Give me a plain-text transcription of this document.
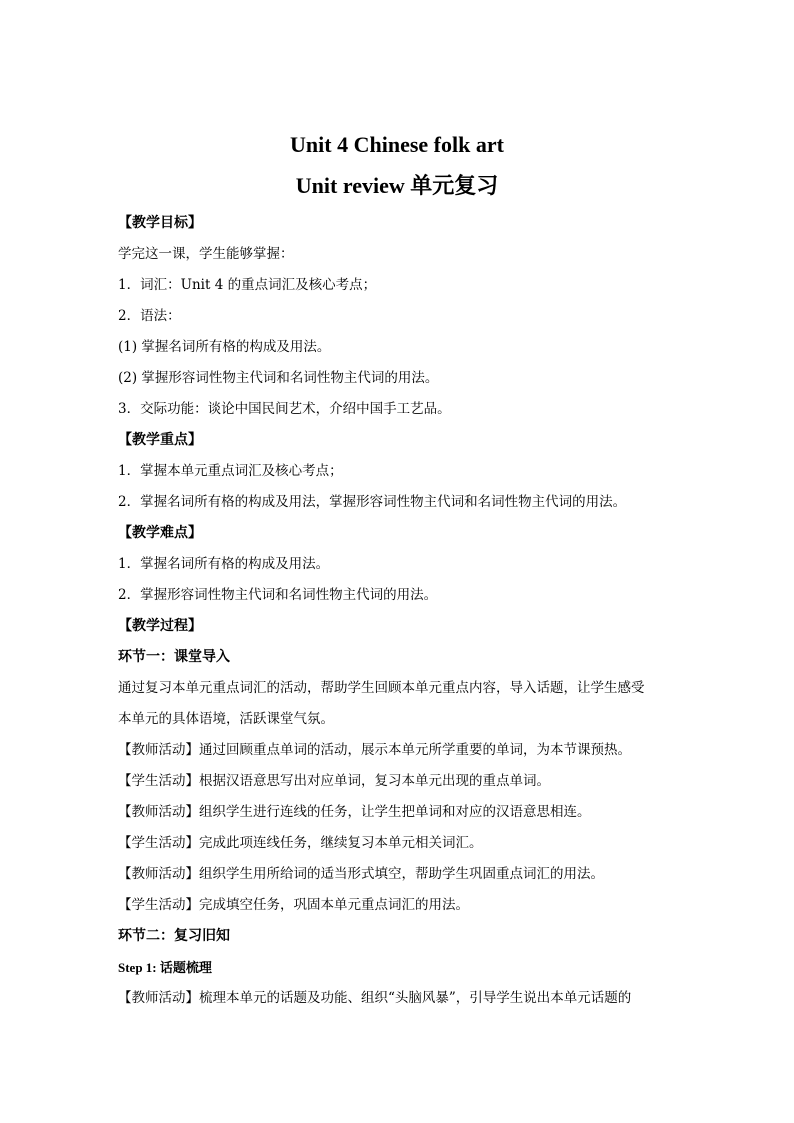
Unit 4 Chinese folk art
Unit review 单元复习
【教学目标】
学完这一课，学生能够掌握：
1．词汇：Unit 4 的重点词汇及核心考点；
2．语法：
(1) 掌握名词所有格的构成及用法。
(2) 掌握形容词性物主代词和名词性物主代词的用法。
3．交际功能：谈论中国民间艺术，介绍中国手工艺品。
【教学重点】
1．掌握本单元重点词汇及核心考点；
2．掌握名词所有格的构成及用法，掌握形容词性物主代词和名词性物主代词的用法。
【教学难点】
1．掌握名词所有格的构成及用法。
2．掌握形容词性物主代词和名词性物主代词的用法。
【教学过程】
环节一：课堂导入
通过复习本单元重点词汇的活动，帮助学生回顾本单元重点内容，导入话题，让学生感受
本单元的具体语境，活跃课堂气氛。
【教师活动】通过回顾重点单词的活动，展示本单元所学重要的单词，为本节课预热。
【学生活动】根据汉语意思写出对应单词，复习本单元出现的重点单词。
【教师活动】组织学生进行连线的任务，让学生把单词和对应的汉语意思相连。
【学生活动】完成此项连线任务，继续复习本单元相关词汇。
【教师活动】组织学生用所给词的适当形式填空，帮助学生巩固重点词汇的用法。
【学生活动】完成填空任务，巩固本单元重点词汇的用法。
环节二：复习旧知
Step 1: 话题梳理
【教师活动】梳理本单元的话题及功能、组织“头脑风暴”，引导学生说出本单元话题的
